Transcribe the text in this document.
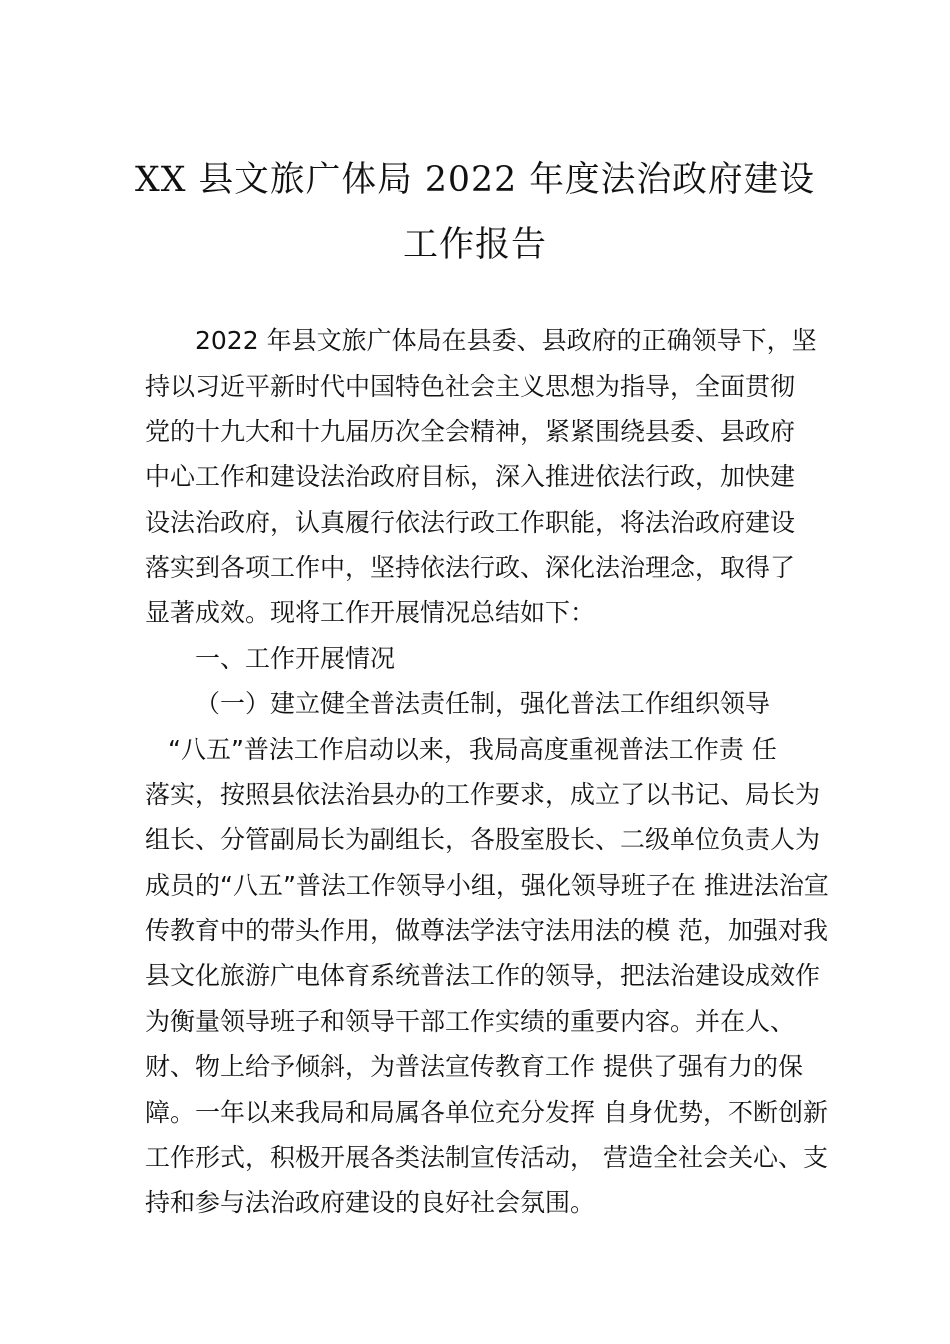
XX 县文旅广体局 2022 年度法治政府建设
工作报告
2022 年县文旅广体局在县委、县政府的正确领导下，坚
持以习近平新时代中国特色社会主义思想为指导，全面贯彻
党的十九大和十九届历次全会精神，紧紧围绕县委、县政府
中心工作和建设法治政府目标，深入推进依法行政，加快建
设法治政府，认真履行依法行政工作职能，将法治政府建设
落实到各项工作中，坚持依法行政、深化法治理念，取得了
显著成效。现将工作开展情况总结如下：
一、工作开展情况
（一）建立健全普法责任制，强化普法工作组织领导
“八五”普法工作启动以来，我局高度重视普法工作责 任
落实，按照县依法治县办的工作要求，成立了以书记、局长为
组长、分管副局长为副组长，各股室股长、二级单位负责人为
成员的“八五”普法工作领导小组，强化领导班子在 推进法治宣
传教育中的带头作用，做尊法学法守法用法的模 范，加强对我
县文化旅游广电体育系统普法工作的领导，把法治建设成效作
为衡量领导班子和领导干部工作实绩的重要内容。并在人、
财、物上给予倾斜，为普法宣传教育工作 提供了强有力的保
障。一年以来我局和局属各单位充分发挥 自身优势，不断创新
工作形式，积极开展各类法制宣传活动， 营造全社会关心、支
持和参与法治政府建设的良好社会氛围。
